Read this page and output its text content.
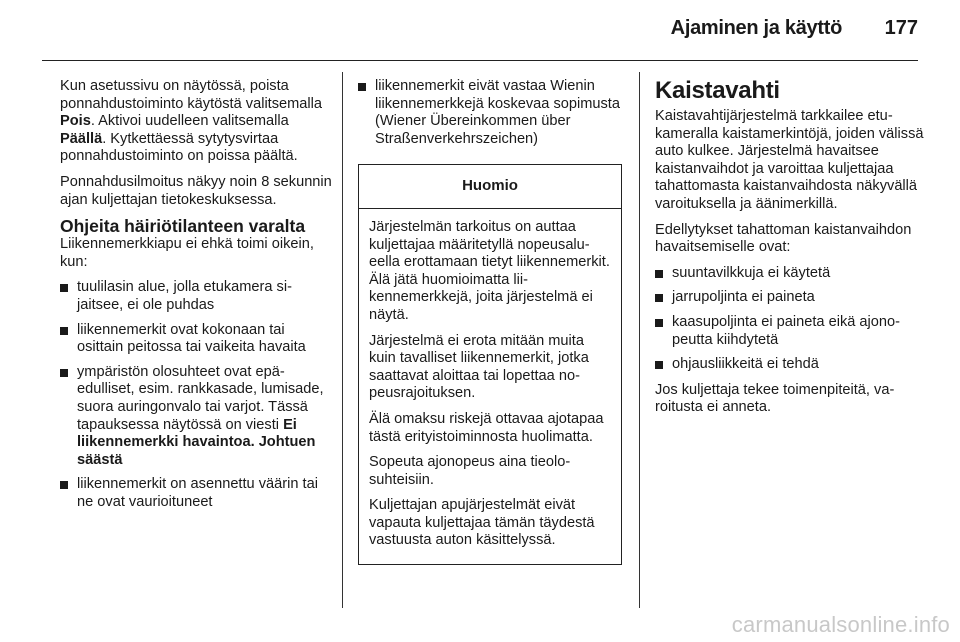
Ajaminen ja käyttö 177

Kun asetussivu on näytössä, poista ponnahdustoiminto käytöstä valitsemalla Pois. Aktivoi uudelleen valitsemalla Päällä. Kytkettäessä sytytysvirtaa ponnahdustoiminto on poissa päältä.

Ponnahdusilmoitus näkyy noin 8 sekunnin ajan kuljettajan tietokeskuksessa.

Ohjeita häiriötilanteen varalta

Liikennemerkkiapu ei ehkä toimi oikein, kun:

tuulilasin alue, jolla etukamera sijaitsee, ei ole puhdas
liikennemerkit ovat kokonaan tai osittain peitossa tai vaikeita havaita
ympäristön olosuhteet ovat epäedulliset, esim. rankkasade, lumisade, suora auringonvalo tai varjot. Tässä tapauksessa näytössä on viesti Ei liikennemerkki havaintoa. Johtuen säästä
liikennemerkit on asennettu väärin tai ne ovat vaurioituneet
liikennemerkit eivät vastaa Wienin liikennemerkkejä koskevaa sopimusta (Wiener Übereinkommen über Straßenverkehrszeichen)
Huomio

Järjestelmän tarkoitus on auttaa kuljettajaa määritetyllä nopeusalueella erottamaan tietyt liikennemerkit. Älä jätä huomioimatta liikennemerkkejä, joita järjestelmä ei näytä.

Järjestelmä ei erota mitään muita kuin tavalliset liikennemerkit, jotka saattavat aloittaa tai lopettaa nopeusrajoituksen.

Älä omaksu riskejä ottavaa ajotapaa tästä erityistoiminnosta huolimatta.

Sopeuta ajonopeus aina tieolosuhteisiin.

Kuljettajan apujärjestelmät eivät vapauta kuljettajaa tämän täydestä vastuusta auton käsittelyssä.

Kaistavahti

Kaistavahtijärjestelmä tarkkailee etukameralla kaistamerkintöjä, joiden välissä auto kulkee. Järjestelmä havaitsee kaistanvaihdot ja varoittaa kuljettajaa tahattomasta kaistanvaihdosta näkyvällä varoituksella ja äänimerkillä.

Edellytykset tahattoman kaistanvaihdon havaitsemiselle ovat:

suuntavilkkuja ei käytetä
jarrupoljinta ei paineta
kaasupoljinta ei paineta eikä ajonopeutta kiihdytetä
ohjausliikkeitä ei tehdä

Jos kuljettaja tekee toimenpiteitä, varoitusta ei anneta.

carmanualsonline.info
